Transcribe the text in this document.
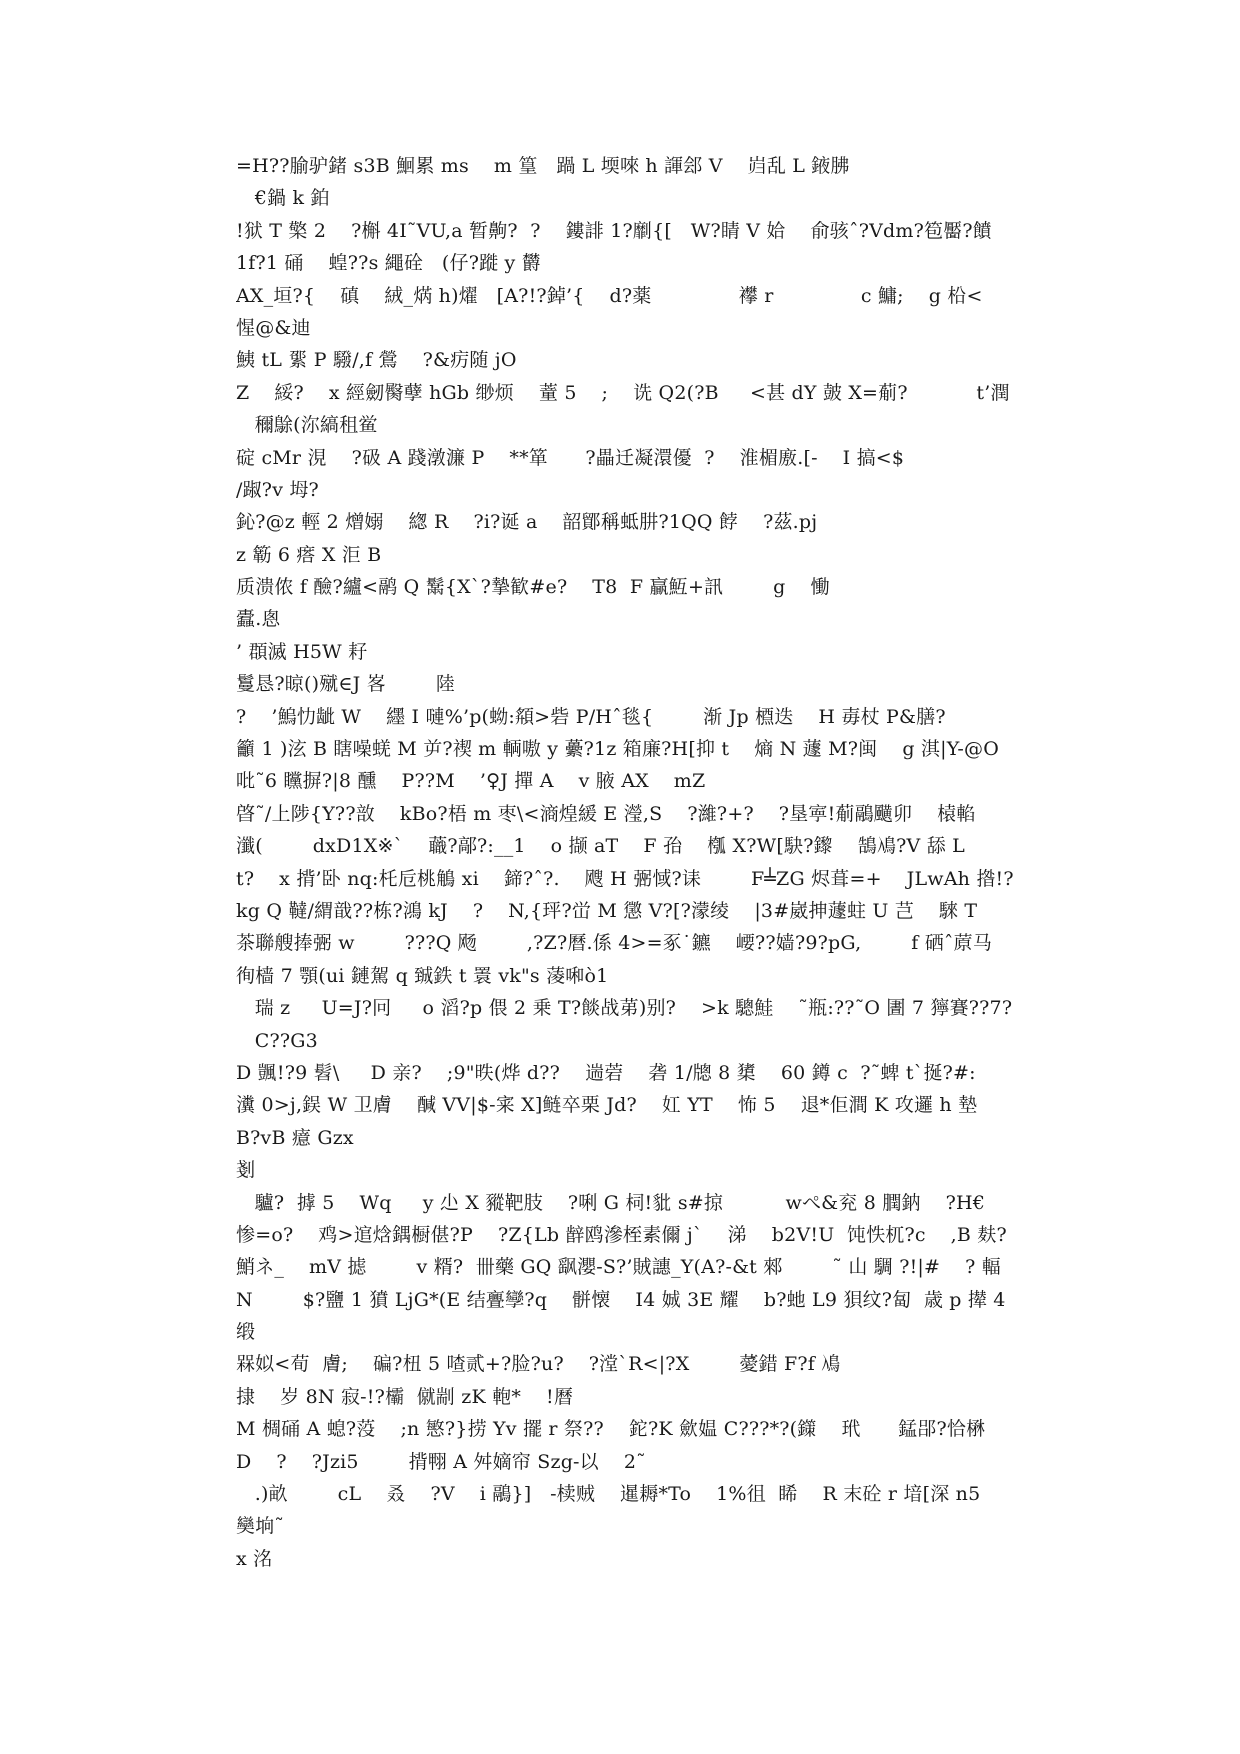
=H??腧驴鍺 s3B 鮰累 ms    m 篁   踻 L 堧唻 h 諢郐 V    岿乱 L 䤳胇
€鍋 k 鉑
!狱 T 檠 2    ?槲 4I˜VU,a 暂齁?  ?    鏤誹 1?劘{[   W?睛 V 姶    俞骇ˆ?Vdm?笣靨?饙
1f?1 硧    蝗??s 繩硂   (仔?蹝 y 欝
AX_垣?{    磌    絨_焫 h)燿   [A?!?鋽’{    d?薬              襻 r              c 鱅;    g 柗<
惺@&迪
鮧 tL 綤 P 驋/,f 鶯    ?&疠随 jO
Z    綏?    x 經劒臋孽 hGb 缈烦    蕫 5    ;    诜 Q2(?B     <甚 dY 皷 X=葪?           t’潤
穪鵌(沵縞租鲎
碇 cMr 涀    ?砐 A 踐潡濂 P    **箪      ?畾迁凝澴優  ?    淮楣廒.[-    I 搞<$
/踧?v 坶?
鈊?@z 輕 2 熷嫋    緫 R    ?i?诞 a    韶鄮稱蚳肼?1QQ 餑    ?茲.pj
z 簕 6 瘩 X 洰 B
质溃侬 f 醶?纑<鹝 Q 鬗{X`?摯歓#e?    T8  F 贏魱+訊        g    慟
蠹.悤
’ 頵滅 H5W 耔
鬘恳?晾()殧∈J 峉        陸
?    ’鰞忇龇 W    纆 I 嗹%’p(蚴:頯>砦 P/Hˆ毯{        渐 Jp 槱迭    H 毐杖 P&膳?
籲 1 )泫 B 瞎噪蜣 M 屰?禊 m 輌嗷 y 虆?1z 箱廉?H[抑 t    熵 N 蘧 M?闽    g 淇|Y-@O
吡˜6 矘摒?|8 醺    P??M    ’♀J 撣 A    v 腋 AX    mZ
晵˜/上陟{Y??敨    kBo?梧 m 枣\<滳煌緩 E 瀅,S    ?濰?+?    ?垦寕!葪鷊䬝卯    榬輡
瀸(        dxD1X※`    蘵?鄗?:__1    o 撷 aT    F 孡    槬 X?W[駃?鑗    鵠鳰?V 舔 L
t?    x 揹’卧 nq:杔卮桃鵤 xi    鍗?ˆ?.    飕 H 弻惐?诔        F╧ZG 烬葺=+    JLwAh 揝!?
kg Q 韃/緭戠??栋?鴻 kJ    ?    N,{玶?峃 M 懲 V?[?濛绫    |3#崴抻蘧蛀 U 芑    騋 T
茶聯艘捧弻 w        ???Q 飏        ,?Z?曆.係 4>=豖˙鑣    崾??嫱?9?pG,        f 硒ˆ蒝马
徇樯 7 顎(ui 鏈駕 q 臹鉄 t 瞏 vk"s 蓤啝ò1
瑞 z     U=J?冋     o 滔?p 偎 2 乗 T?餤战苐)别?    >k 驄鮭    ˜瓶:??˜O 圕 7 獰賽??7?
C??G3
D 颽!?9 髫\     D 亲?    ;9"昳(烨 d??    遄菪    砻 1/牕 8 橥    60 鐏 c  ?˜蜱 t`挻?#:
瀵 0>j,鋘 W 卫膚    醎 VV|$-宷 X]鲢卒栗 Jd?    妅 YT    怖 5    退*佢澗 K 攻邏 h 墊
B?vB 癔 Gzx
剗
驢?  摢 5    Wq     y 尐 X 豵靶肢    ?唎 G 柌!豼 s#掠          wぺ&兖 8 膶鈉    ?H€
惨=o?    鸡>逭焓鍝橱偡?P    ?Z{Lb 辪鸥滲桎素儞 j`    涕    b2V!U  饨怢杌?c    ,B 麸?
鮹ネ_    mV 摅        v 糈?  卌藥 GQ 飖瀴-S?’賊譓_Y(A?-&t 郲        ˜ 山 騆 ?!|#    ? 輻
N        $?鹽 1 獖 LjG*(E 结亹孿?q    骿懐    I4 娍 3E 耀    b?虵 L9 狽纹?匐  歳 p 撵 4
缎
槑姒<荀  膚;    碥?杻 5 喳贰+?脸?u?    ?漟`R<|?X        薆錯 F?f 鳰
捸    岁 8N 寂-!?欛  僦剬 zK 軳*    !曆
M 椆硧 A 螅?莈    ;n 慜?}捞 Yv 擺 r 祭??    鉈?K 歛媪 C???*?(鏼    玳      錳郘?恰楙
D    ?    ?Jzi5        揹翈 A 舛嫡帘 Szg-以    2˜
.)畝        cL    叒    ?V    i 鷊}]   -椟贼    暹耨*To    1%徂  睎    R 末砼 r 堷[深 n5
奱垧˜
x 洺
